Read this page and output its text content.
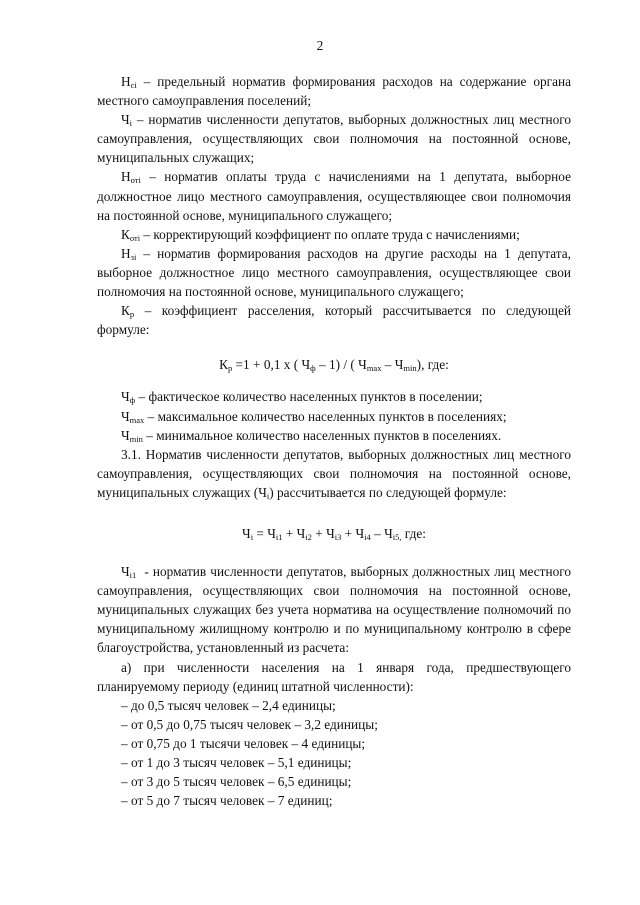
2

$Н_{сi}$ – предельный норматив формирования расходов на содержание органа местного самоуправления поселений;

$Ч_i$ – норматив численности депутатов, выборных должностных лиц местного самоуправления, осуществляющих свои полномочия на постоянной основе, муниципальных служащих;

$Н_{отi}$ – норматив оплаты труда с начислениями на 1 депутата, выборное должностное лицо местного самоуправления, осуществляющее свои полномочия на постоянной основе, муниципального служащего;

$К_{отi}$ – корректирующий коэффициент по оплате труда с начислениями;

$Н_{зi}$ – норматив формирования расходов на другие расходы на 1 депутата, выборное должностное лицо местного самоуправления, осуществляющее свои полномочия на постоянной основе, муниципального служащего;

$К_р$ – коэффициент расселения, который рассчитывается по следующей формуле:

$К_р =1 + 0,1$ х ( $Ч_ф - 1$) / ( $Ч_{max} - Ч_{min}$), где:

$Ч_ф$ – фактическое количество населенных пунктов в поселении;

$Ч_{max}$ – максимальное количество населенных пунктов в поселениях;

$Ч_{min}$ – минимальное количество населенных пунктов в поселениях.

3.1. Норматив численности депутатов, выборных должностных лиц местного самоуправления, осуществляющих свои полномочия на постоянной основе, муниципальных служащих $(Ч_i)$ рассчитывается по следующей формуле:

$Ч_i = Ч_{i1} + Ч_{i2} + Ч_{i3} + Ч_{i4} - Ч_{i5,}$ где:

$Ч_{i1}$  - норматив численности депутатов, выборных должностных лиц местного самоуправления, осуществляющих свои полномочия на постоянной основе, муниципальных служащих без учета норматива на осуществление полномочий по муниципальному жилищному контролю и по муниципальному контролю в сфере благоустройства, установленный из расчета:

а) при численности населения на 1 января года, предшествующего планируемому периоду (единиц штатной численности):

– до 0,5 тысяч человек – 2,4 единицы;

– от 0,5 до 0,75 тысяч человек – 3,2 единицы;

– от 0,75 до 1 тысячи человек – 4 единицы;

– от 1 до 3 тысяч человек – 5,1 единицы;

– от 3 до 5 тысяч человек – 6,5 единицы;

– от 5 до 7 тысяч человек – 7 единиц;
